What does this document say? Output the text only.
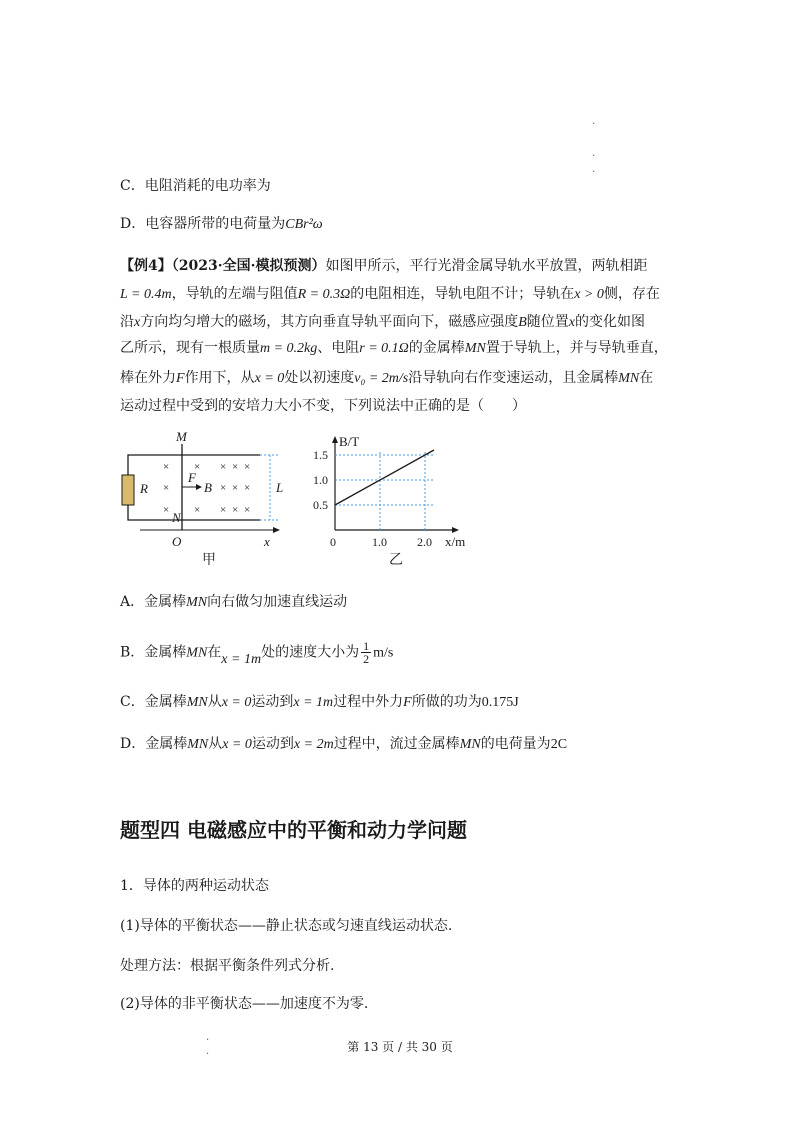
.
.
.
.
.
C．电阻消耗的电功率为
D．电容器所带的电荷量为CBr²ω
【例4】（2023·全国·模拟预测）如图甲所示，平行光滑金属导轨水平放置，两轨相距
L = 0.4m，导轨的左端与阻值R = 0.3Ω的电阻相连，导轨电阻不计；导轨在x > 0侧，存在
沿x方向均匀增大的磁场，其方向垂直导轨平面向下，磁感应强度B随位置x的变化如图
乙所示，现有一根质量m = 0.2kg、电阻r = 0.1Ω的金属棒MN置于导轨上，并与导轨垂直，
棒在外力F作用下，从x = 0处以初速度v₀ = 2m/s沿导轨向右作变速运动，且金属棒MN在
运动过程中受到的安培力大小不变，下列说法中正确的是（　　）
× × × × ×
×	× × ×
× × × × ×
M
N
R
F
B	L
O	x
甲
0.5
1.0
1.5
1.0	2.0
B/T
x/m
0
乙
A．金属棒MN向右做匀加速直线运动
B．金属棒MN在x = 1m处的速度大小为 $\frac{1}{2} m/s$
C．金属棒MN从x = 0运动到x = 1m过程中外力F所做的功为0.175J
D．金属棒MN从x = 0运动到x = 2m过程中，流过金属棒MN的电荷量为2C
题型四 电磁感应中的平衡和动力学问题
1．导体的两种运动状态
(1)导体的平衡状态——静止状态或匀速直线运动状态.
处理方法：根据平衡条件列式分析.
(2)导体的非平衡状态——加速度不为零.
第 13 页 / 共 30 页
